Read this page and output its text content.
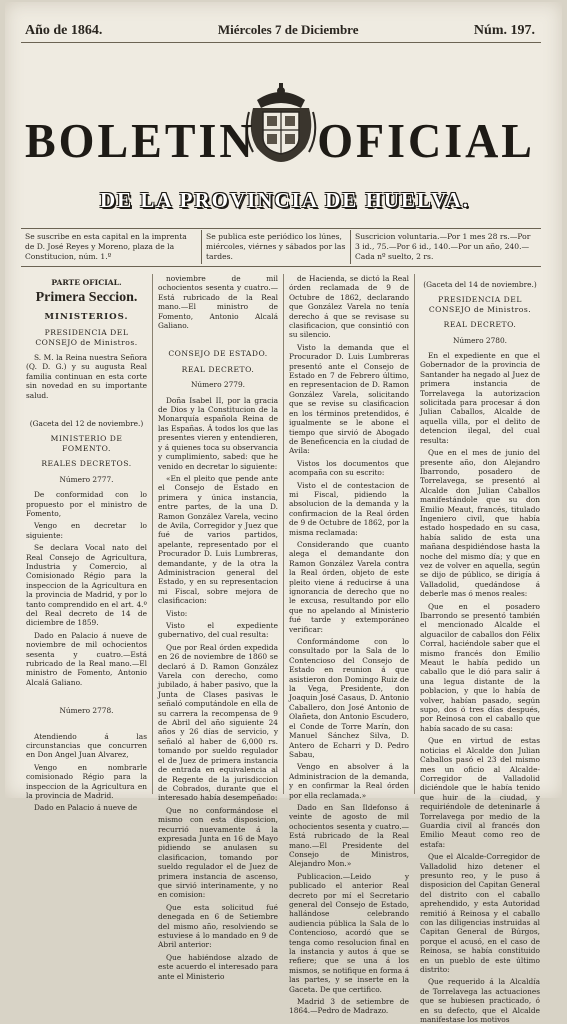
Año de 1864.	Miércoles 7 de Diciembre	Núm. 197.
BOLETIN OFICIAL
DE LA PROVINCIA DE HUELVA.
Se suscribe en esta capital en la imprenta de D. José Reyes y Moreno, plaza de la Constitucion, núm. 1.º
Se publica este periódico los lúnes, miércoles, viérnes y sábados por las tardes.
Suscricion voluntaria.—Por 1 mes 28 rs.—Por 3 id., 75.—Por 6 id., 140.—Por un año, 240.—Cada nº suelto, 2 rs.

PARTE OFICIAL.

Primera Seccion.

MINISTERIOS.

PRESIDENCIA DEL CONSEJO de Ministros.

S. M. la Reina nuestra Señora (Q. D. G.) y su augusta Real familia continuan en esta corte sin novedad en su importante salud.

(Gaceta del 12 de noviembre.)

MINISTERIO DE FOMENTO.

REALES DECRETOS.

Número 2777.

De conformidad con lo propuesto por el ministro de Fomento,

Vengo en decretar lo siguiente:

Se declara Vocal nato del Real Consejo de Agricultura, Industria y Comercio, al Comisionado Régio para la inspeccion de la Agricultura en la provincia de Madrid, y por lo tanto comprendido en el art. 4.º del Real decreto de 14 de diciembre de 1859.

Dado en Palacio á nueve de noviembre de mil ochocientos sesenta y cuatro.—Está rubricado de la Real mano.—El ministro de Fomento, Antonio Alcalá Galiano.

Número 2778.

Atendiendo á las circunstancias que concurren en Don Angel Juan Alvarez,

Vengo en nombrarle comisionado Régio para la inspeccion de la Agricultura en la provincia de Madrid.

Dado en Palacio á nueve de

noviembre de mil ochocientos sesenta y cuatro.—Está rubricado de la Real mano.—El ministro de Fomento, Antonio Alcalá Galiano.

CONSEJO DE ESTADO.

REAL DECRETO.

Número 2779.

Doña Isabel II, por la gracia de Dios y la Constitucion de la Monarquía española Reina de las Españas. Á todos los que las presentes vieren y entendieren, y á quienes toca su observancia y cumplimiento, sabed: que he venido en decretar lo siguiente:

«En el pleito que pende ante el Consejo de Estado en primera y única instancia, entre partes, de la una D. Ramon González Varela, vecino de Avila, Corregidor y Juez que fué de varios partidos, apelante, representado por el Procurador D. Luis Lumbreras, demandante, y de la otra la Administracion general del Estado, y en su representacion mi Fiscal, sobre mejora de clasificacion:

Visto:

Visto el expediente gubernativo, del cual resulta:

Que por Real órden expedida en 26 de noviembre de 1860 se declaró á D. Ramon González Varela con derecho, como jubilado, á haber pasivo, que la Junta de Clases pasivas le señaló computándole en ella de su carrera la recompensa de 9 de Abril del año siguiente 24 años y 26 días de servicio, y señaló al haber de 6,000 rs. tomando por sueldo regulador el de Juez de primera instancia de entrada en equivalencia al de Regente de la jurisdiccion de Cobrados, durante que el interesado había desempeñado:

Que no conformándose el mismo con esta disposicion, recurrió nuevamente á la expresada Junta en 16 de Mayo pidiendo se anulasen su clasificacion, tomando por sueldo regulador el de Juez de primera instancia de ascenso, que sirvió interinamente, y no en comision:

Que esta solicitud fué denegada en 6 de Setiembre del mismo año, resolviendo se estuviese á lo mandado en 9 de Abril anterior:

Que habiéndose alzado de este acuerdo el interesado para ante el Ministerio

de Hacienda, se dictó la Real órden reclamada de 9 de Octubre de 1862, declarando que González Varela no tenía derecho á que se revisase su clasificacion, que consintió con su silencio.

Visto la demanda que el Procurador D. Luis Lumbreras presentó ante el Consejo de Estado en 7 de Febrero último, en representacion de D. Ramon González Varela, solicitando que se revise su clasificacion en los términos pretendidos, é igualmente se le abone el tiempo que sirvió de Abogado de Beneficencia en la ciudad de Avila:

Vistos los documentos que acompaña con su escrito:

Visto el de contestacion de mi Fiscal, pidiendo la absolucion de la demanda y la confirmacion de la Real órden de 9 de Octubre de 1862, por la misma reclamada:

Considerando que cuanto alega el demandante don Ramon González Varela contra la Real órden, objeto de este pleito viene á reducirse á una ignorancia de derecho que no le excusa, resultando por ello que no apelando al Ministerio fué tarde y extemporáneo verificar:

Conformándome con lo consultado por la Sala de lo Contencioso del Consejo de Estado en reunion á que asistieron don Domingo Ruiz de la Vega, Presidente, don Joaquin José Casaus, D. Antonio Caballero, don José Antonio de Olañeta, don Antonio Escudero, el Conde de Torre Marín, don Manuel Sánchez Silva, D. Antero de Echarri y D. Pedro Sabau,

Vengo en absolver á la Administracion de la demanda, y en confirmar la Real órden por ella reclamada.»

Dado en San Ildefonso á veinte de agosto de mil ochocientos sesenta y cuatro.—Está rubricado de la Real mano.—El Presidente del Consejo de Ministros, Alejandro Mon.»

Publicacion.—Leido y publicado el anterior Real decreto por mí el Secretario general del Consejo de Estado, hallándose celebrando audiencia pública la Sala de lo Contencioso, acordó que se tenga como resolucion final en la instancia y autos á que se refiere; que se una á los mismos, se notifique en forma á las partes, y se inserte en la Gaceta. De que certifico.

Madrid 3 de setiembre de 1864.—Pedro de Madrazo.

(Gaceta del 14 de noviembre.)

PRESIDENCIA DEL CONSEJO de Ministros.

REAL DECRETO.

Número 2780.

En el expediente en que el Gobernador de la provincia de Santander ha negado al Juez de primera instancia de Torrelavega la autorizacion solicitada para procesar á don Julian Caballos, Alcalde de aquella villa, por el delito de detencion ilegal, del cual resulta:

Que en el mes de junio del presente año, don Alejandro Ibarrondo, posadero de Torrelavega, se presentó al Alcalde don Julian Caballos manifestándole que su don Emilio Meaut, francés, titulado Ingeniero civil, que había estado hospedado en su casa, había salido de esta una mañana despidiéndose hasta la noche del mismo día; y que en vez de volver en aquella, según se dijo de público, se dirigía á Valladolid, quedándose á deberle mas ó menos reales:

Que en el posadero Ibarrondo se presentó también el mencionado Alcalde el alguacilor de caballos don Félix Corral, haciéndole saber que el mismo francés don Emilio Meaut le había pedido un caballo que le dió para salir á una legua distante de la poblacion, y que lo había de volver, habían pasado, según supo, dos ó tres días después, por Reinosa con el caballo que había sacado de su casa:

Que en virtud de estas noticias el Alcalde don Julian Caballos pasó el 23 del mismo mes un oficio al Alcalde-Corregidor de Valladolid diciéndole que le había tenido que huir de la ciudad, y requiriéndole de deteninarle á Torrelavega por medio de la Guardia civil al francés don Emilio Meaut como reo de estafa:

Que el Alcalde-Corregidor de Valladolid hizo detener el presunto reo, y le puso á disposicion del Capitan General del distrito con el caballo aprehendido, y esta Autoridad remitió á Reinosa y el caballo con las diligencias instruidas al Capitan General de Búrgos, porque el acusó, en el caso de Reinosa, se había constituido en un pueblo de este último distrito:

Que requerido á la Alcaldía de Torrelavega las actuaciones que se hubiesen practicado, ó en su defecto, que el Alcalde manifestase los motivos
